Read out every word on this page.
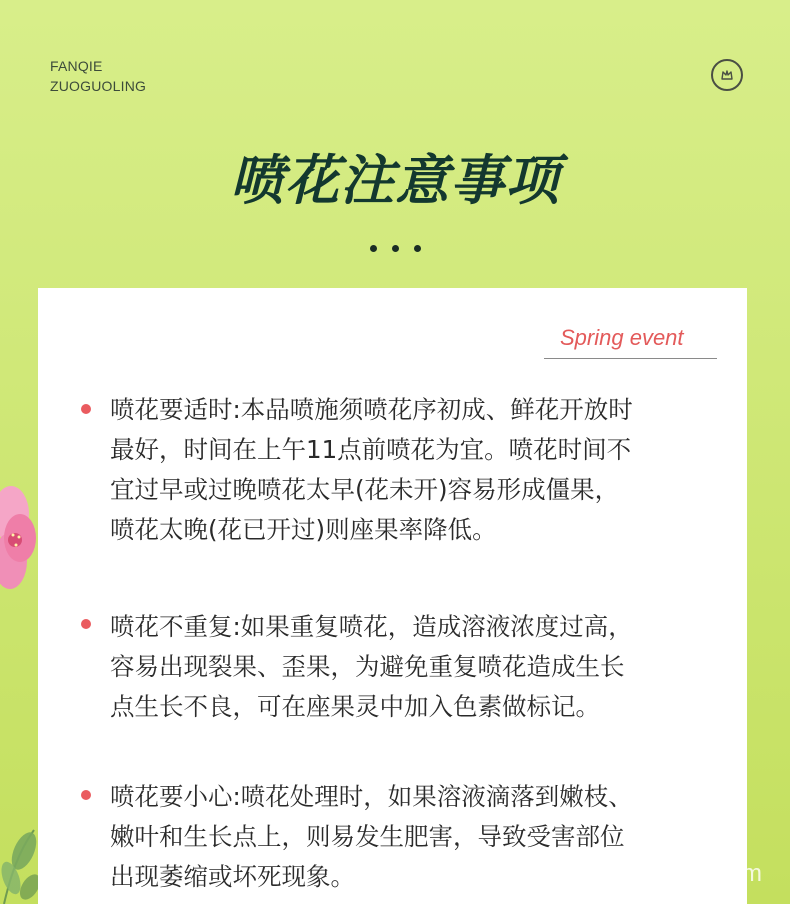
FANQIE
ZUOGUOLING
喷花注意事项
Spring event
喷花要适时:本品喷施须喷花序初成、鲜花开放时
最好，时间在上午11点前喷花为宜。喷花时间不
宜过早或过晚喷花太早(花未开)容易形成僵果，
喷花太晚(花已开过)则座果率降低。
喷花不重复:如果重复喷花，造成溶液浓度过高，
容易出现裂果、歪果，为避免重复喷花造成生长
点生长不良，可在座果灵中加入色素做标记。
喷花要小心:喷花处理时，如果溶液滴落到嫩枝、
嫩叶和生长点上，则易发生肥害，导致受害部位
出现萎缩或坏死现象。	m
